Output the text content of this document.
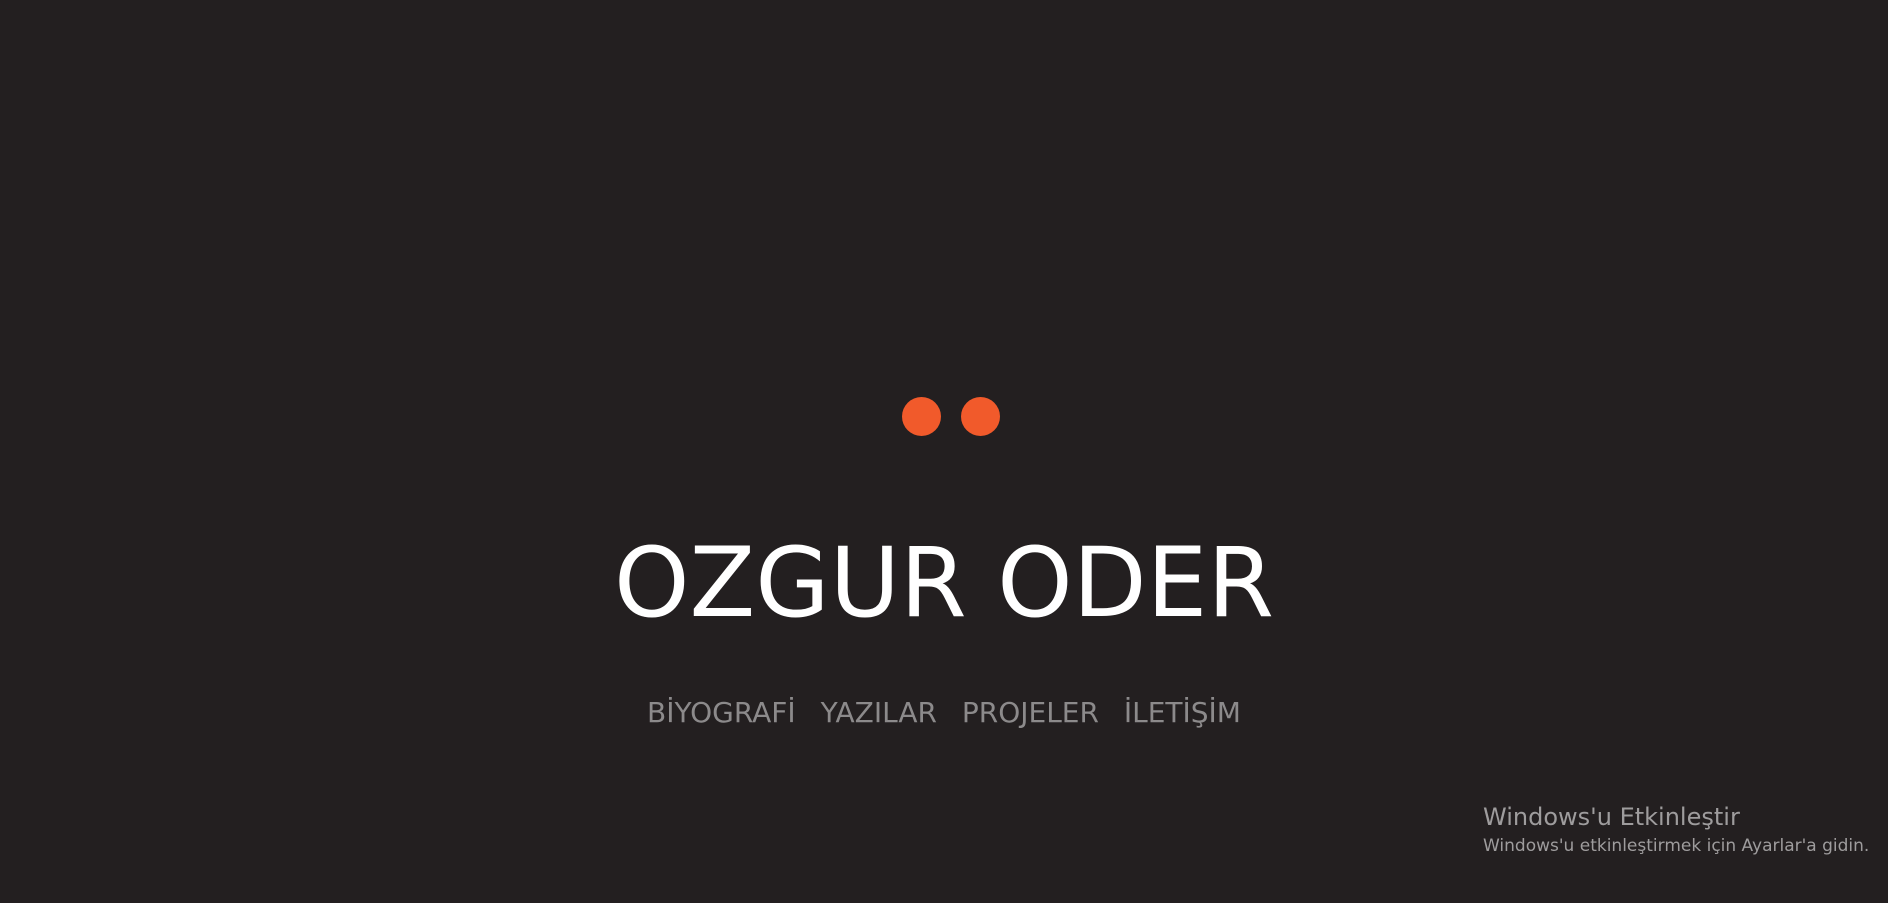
OZGUR ODER
BİYOGRAFİ YAZILAR PROJELER İLETİŞİM
Windows'u Etkinleştir
Windows'u etkinleştirmek için Ayarlar'a gidin.
